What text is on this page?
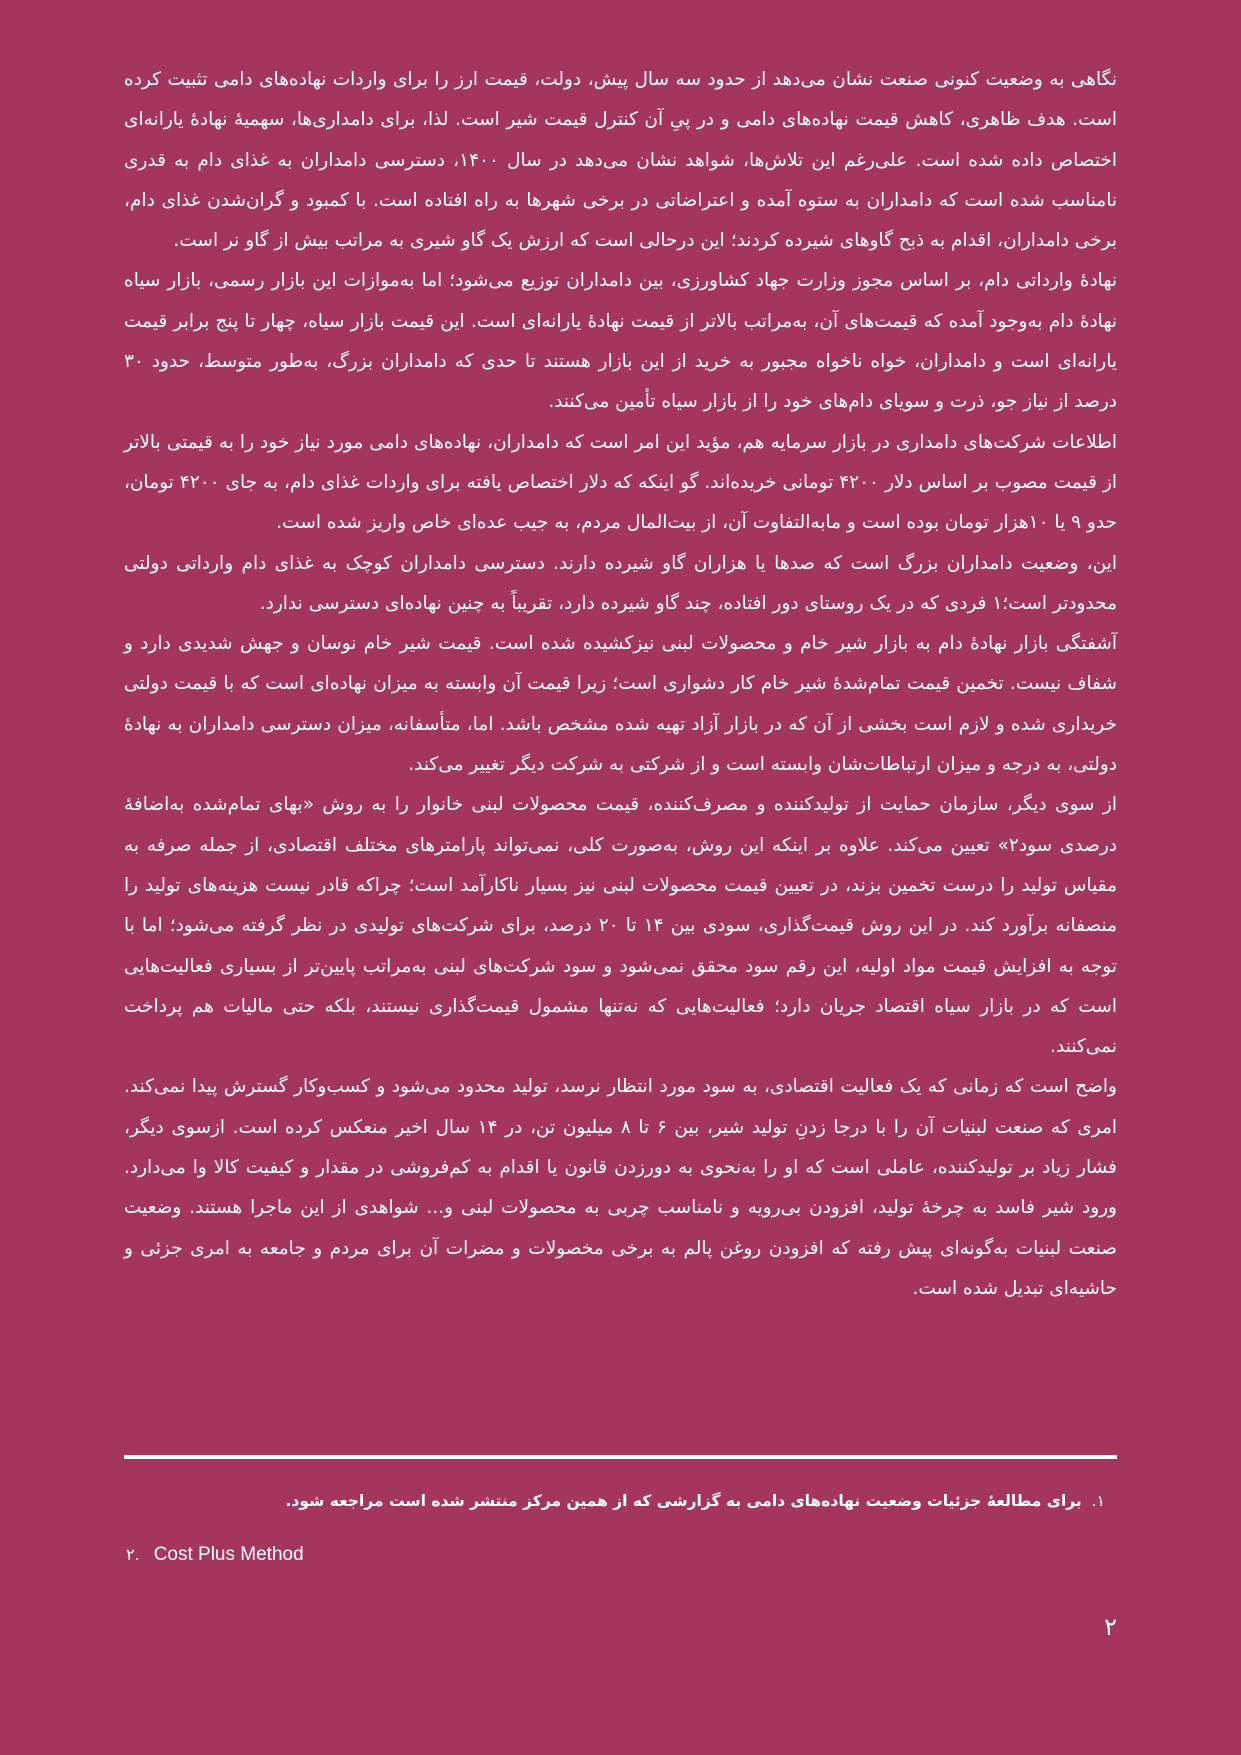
نگاهی به وضعیت کنونی صنعت نشان می‌دهد از حدود سه سال پیش، دولت، قیمت ارز را برای واردات نهاده‌های دامی تثبیت کرده است. هدف ظاهری، کاهش قیمت نهاده‌های دامی و در پیِ آن کنترل قیمت شیر است. لذا، برای دامداری‌ها، سهمیهٔ نهادهٔ یارانه‌ای اختصاص داده شده است. علی‌رغم این تلاش‌ها، شواهد نشان می‌دهد در سال ۱۴۰۰، دسترسی دامداران به غذای دام به قدری نامناسب شده است که دامداران به ستوه آمده و اعتراضاتی در برخی شهرها به راه افتاده است. با کمبود و گران‌شدن غذای دام، برخی دامداران، اقدام به ذبح گاوهای شیرده کردند؛ این درحالی است که ارزش یک گاو شیری به مراتب بیش از گاو نر است.

نهادهٔ وارداتی دام، بر اساس مجوز وزارت جهاد کشاورزی، بین دامداران توزیع می‌شود؛ اما به‌موازات این بازار رسمی، بازار سیاه نهادهٔ دام به‌وجود آمده که قیمت‌های آن، به‌مراتب بالاتر از قیمت نهادهٔ یارانه‌ای است. این قیمت بازار سیاه، چهار تا پنج برابر قیمت یارانه‌ای است و دامداران، خواه ناخواه مجبور به خرید از این بازار هستند تا حدی که دامداران بزرگ، به‌طور متوسط، حدود ۳۰ درصد از نیاز جو، ذرت و سویای دام‌های خود را از بازار سیاه تأمین می‌کنند.

اطلاعات شرکت‌های دامداری در بازار سرمایه هم، مؤید این امر است که دامداران، نهاده‌های دامی مورد نیاز خود را به قیمتی بالاتر از قیمت مصوب بر اساس دلار ۴۲۰۰ تومانی خریده‌اند. گو اینکه که دلار اختصاص یافته برای واردات غذای دام، به جای ۴۲۰۰ تومان، حدو ۹ یا ۱۰هزار تومان بوده است و مابه‌التفاوت آن، از بیت‌المال مردم، به جیب عده‌ای خاص واریز شده است.

این، وضعیت دامداران بزرگ است که صدها یا هزاران گاو شیرده دارند. دسترسی دامداران کوچک به غذای دام وارداتی دولتی محدودتر است؛۱ فردی که در یک روستای دور افتاده، چند گاو شیرده دارد، تقریباً به چنین نهاده‌ای دسترسی ندارد.

آشفتگی بازار نهادهٔ دام به بازار شیر خام و محصولات لبنی نیزکشیده شده است. قیمت شیر خام نوسان و جهش شدیدی دارد و شفاف نیست. تخمین قیمت تمام‌شدهٔ شیر خام کار دشواری است؛ زیرا قیمت آن وابسته به میزان نهاده‌ای است که با قیمت دولتی خریداری شده و لازم است بخشی از آن که در بازار آزاد تهیه شده مشخص باشد. اما، متأسفانه، میزان دسترسی دامداران به نهادهٔ دولتی، به درجه و میزان ارتباطات‌شان وابسته است و از شرکتی به شرکت دیگر تغییر می‌کند.

از سوی دیگر، سازمان حمایت از تولیدکننده و مصرف‌کننده، قیمت محصولات لبنی خانوار را به روش «بهای تمام‌شده به‌اضافهٔ درصدی سود۲» تعیین می‌کند. علاوه بر اینکه این روش، به‌صورت کلی، نمی‌تواند پارامترهای مختلف اقتصادی، از جمله صرفه به مقیاس تولید را درست تخمین بزند، در تعیین قیمت محصولات لبنی نیز بسیار ناکارآمد است؛ چراکه قادر نیست هزینه‌های تولید را منصفانه برآورد کند. در این روش قیمت‌گذاری، سودی بین ۱۴ تا ۲۰ درصد، برای شرکت‌های تولیدی در نظر گرفته می‌شود؛ اما با توجه به افزایش قیمت مواد اولیه، این رقم سود محقق نمی‌شود و سود شرکت‌های لبنی به‌مراتب پایین‌تر از بسیاری فعالیت‌هایی است که در بازار سیاه اقتصاد جریان دارد؛ فعالیت‌هایی که نه‌تنها مشمول قیمت‌گذاری نیستند، بلکه حتی مالیات هم پرداخت نمی‌کنند.

واضح است که زمانی که یک فعالیت اقتصادی، به سود مورد انتظار نرسد، تولید محدود می‌شود و کسب‌وکار گسترش پیدا نمی‌کند. امری که صنعت لبنیات آن را با درجا زدنِ تولید شیر، بین ۶ تا ۸ میلیون تن، در ۱۴ سال اخیر منعکس کرده است. ازسوی دیگر، فشار زیاد بر تولیدکننده، عاملی است که او را به‌نحوی به دورزدن قانون یا اقدام به کم‌فروشی در مقدار و کیفیت کالا وا می‌دارد. ورود شیر فاسد به چرخهٔ تولید، افزودن بی‌رویه و نامناسب چربی به محصولات لبنی و... شواهدی از این ماجرا هستند. وضعیت صنعت لبنیات به‌گونه‌ای پیش رفته که افزودن روغن پالم به برخی مخصولات و مضرات آن برای مردم و جامعه به امری جزئی و حاشیه‌ای تبدیل شده است.

۱.برای مطالعهٔ جزئیات وضعیت نهاده‌های دامی به گزارشی که از همین مرکز منتشر شده است مراجعه شود.
۲. Cost Plus Method
۲
